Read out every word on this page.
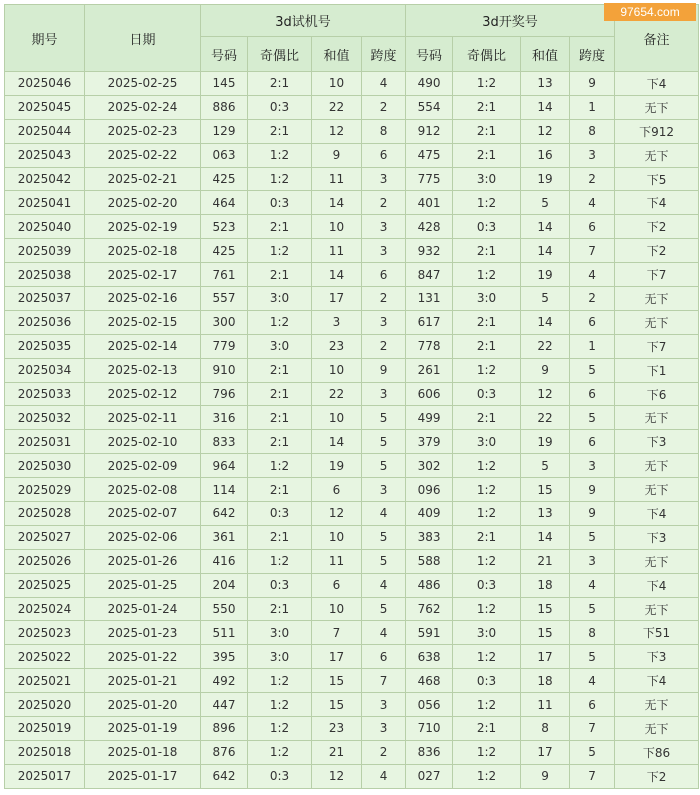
期号	日期	3d试机号				3d开奖号				备注
		号码	奇偶比	和值	跨度	号码	奇偶比	和值	跨度	
2025046	2025-02-25	145	2:1	10	4	490	1:2	13	9	下4
2025045	2025-02-24	886	0:3	22	2	554	2:1	14	1	无下
2025044	2025-02-23	129	2:1	12	8	912	2:1	12	8	下912
2025043	2025-02-22	063	1:2	9	6	475	2:1	16	3	无下
2025042	2025-02-21	425	1:2	11	3	775	3:0	19	2	下5
2025041	2025-02-20	464	0:3	14	2	401	1:2	5	4	下4
2025040	2025-02-19	523	2:1	10	3	428	0:3	14	6	下2
2025039	2025-02-18	425	1:2	11	3	932	2:1	14	7	下2
2025038	2025-02-17	761	2:1	14	6	847	1:2	19	4	下7
2025037	2025-02-16	557	3:0	17	2	131	3:0	5	2	无下
2025036	2025-02-15	300	1:2	3	3	617	2:1	14	6	无下
2025035	2025-02-14	779	3:0	23	2	778	2:1	22	1	下7
2025034	2025-02-13	910	2:1	10	9	261	1:2	9	5	下1
2025033	2025-02-12	796	2:1	22	3	606	0:3	12	6	下6
2025032	2025-02-11	316	2:1	10	5	499	2:1	22	5	无下
2025031	2025-02-10	833	2:1	14	5	379	3:0	19	6	下3
2025030	2025-02-09	964	1:2	19	5	302	1:2	5	3	无下
2025029	2025-02-08	114	2:1	6	3	096	1:2	15	9	无下
2025028	2025-02-07	642	0:3	12	4	409	1:2	13	9	下4
2025027	2025-02-06	361	2:1	10	5	383	2:1	14	5	下3
2025026	2025-01-26	416	1:2	11	5	588	1:2	21	3	无下
2025025	2025-01-25	204	0:3	6	4	486	0:3	18	4	下4
2025024	2025-01-24	550	2:1	10	5	762	1:2	15	5	无下
2025023	2025-01-23	511	3:0	7	4	591	3:0	15	8	下51
2025022	2025-01-22	395	3:0	17	6	638	1:2	17	5	下3
2025021	2025-01-21	492	1:2	15	7	468	0:3	18	4	下4
2025020	2025-01-20	447	1:2	15	3	056	1:2	11	6	无下
2025019	2025-01-19	896	1:2	23	3	710	2:1	8	7	无下
2025018	2025-01-18	876	1:2	21	2	836	1:2	17	5	下86
2025017	2025-01-17	642	0:3	12	4	027	1:2	9	7	下2
97654.com
